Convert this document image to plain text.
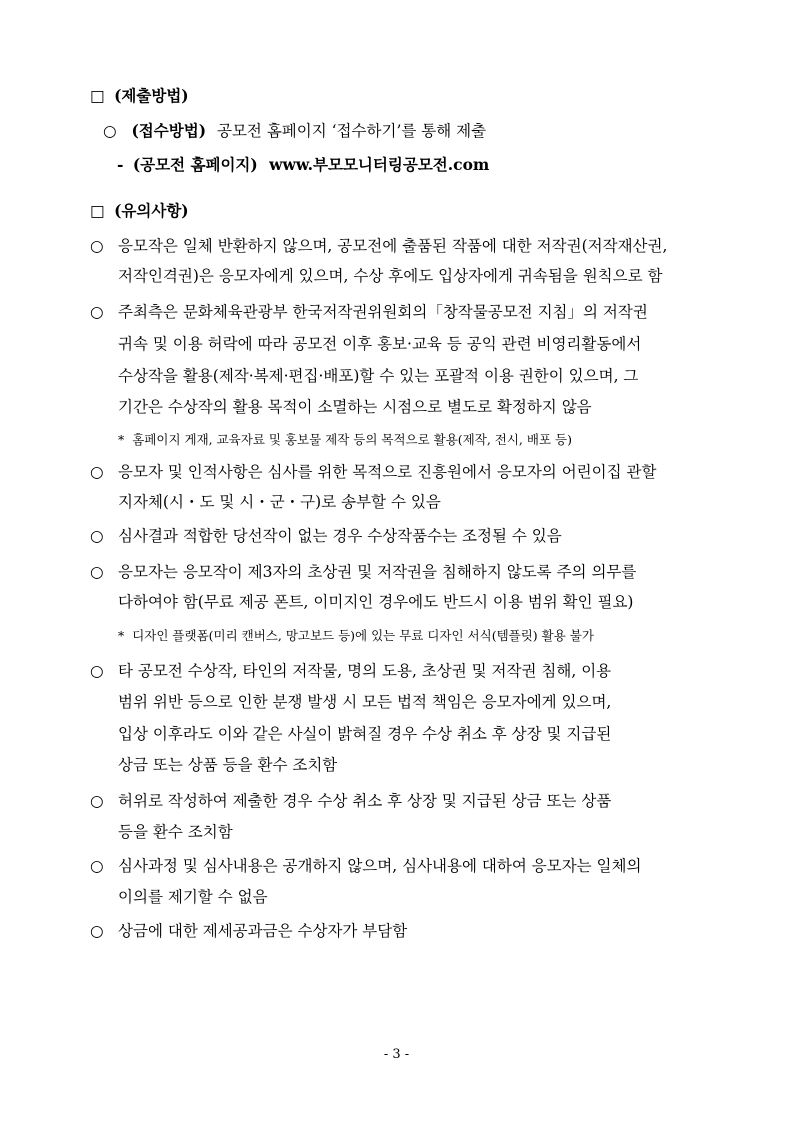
□ (제출방법)
○ (접수방법) 공모전 홈페이지 ‘접수하기’를 통해 제출
- (공모전 홈페이지) www.부모모니터링공모전.com
□ (유의사항)
○ 응모작은 일체 반환하지 않으며, 공모전에 출품된 작품에 대한 저작권(저작재산권,
저작인격권)은 응모자에게 있으며, 수상 후에도 입상자에게 귀속됨을 원칙으로 함
○ 주최측은 문화체육관광부 한국저작권위원회의「창작물공모전 지침」의 저작권
귀속 및 이용 허락에 따라 공모전 이후 홍보·교육 등 공익 관련 비영리활동에서
수상작을 활용(제작·복제·편집·배포)할 수 있는 포괄적 이용 권한이 있으며, 그
기간은 수상작의 활용 목적이 소멸하는 시점으로 별도로 확정하지 않음
* 홈페이지 게재, 교육자료 및 홍보물 제작 등의 목적으로 활용(제작, 전시, 배포 등)
○ 응모자 및 인적사항은 심사를 위한 목적으로 진흥원에서 응모자의 어린이집 관할
지자체(시・도 및 시・군・구)로 송부할 수 있음
○ 심사결과 적합한 당선작이 없는 경우 수상작품수는 조정될 수 있음
○ 응모자는 응모작이 제3자의 초상권 및 저작권을 침해하지 않도록 주의 의무를
다하여야 함(무료 제공 폰트, 이미지인 경우에도 반드시 이용 범위 확인 필요)
* 디자인 플랫폼(미리 캔버스, 망고보드 등)에 있는 무료 디자인 서식(템플릿) 활용 불가
○ 타 공모전 수상작, 타인의 저작물, 명의 도용, 초상권 및 저작권 침해, 이용
범위 위반 등으로 인한 분쟁 발생 시 모든 법적 책임은 응모자에게 있으며,
입상 이후라도 이와 같은 사실이 밝혀질 경우 수상 취소 후 상장 및 지급된
상금 또는 상품 등을 환수 조치함
○ 허위로 작성하여 제출한 경우 수상 취소 후 상장 및 지급된 상금 또는 상품
등을 환수 조치함
○ 심사과정 및 심사내용은 공개하지 않으며, 심사내용에 대하여 응모자는 일체의
이의를 제기할 수 없음
○ 상금에 대한 제세공과금은 수상자가 부담함
- 3 -
